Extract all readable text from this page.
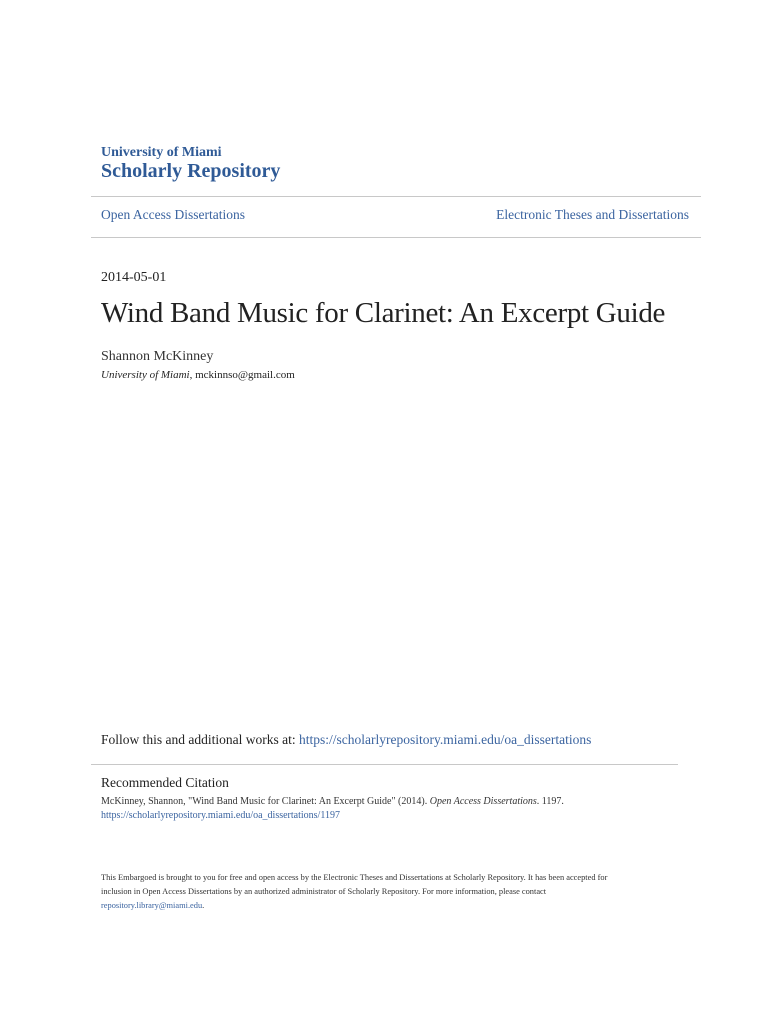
University of Miami
Scholarly Repository
Open Access Dissertations	Electronic Theses and Dissertations
2014-05-01
Wind Band Music for Clarinet: An Excerpt Guide
Shannon McKinney
University of Miami, mckinnso@gmail.com
Follow this and additional works at: https://scholarlyrepository.miami.edu/oa_dissertations
Recommended Citation
McKinney, Shannon, "Wind Band Music for Clarinet: An Excerpt Guide" (2014). Open Access Dissertations. 1197.
https://scholarlyrepository.miami.edu/oa_dissertations/1197
This Embargoed is brought to you for free and open access by the Electronic Theses and Dissertations at Scholarly Repository. It has been accepted for
inclusion in Open Access Dissertations by an authorized administrator of Scholarly Repository. For more information, please contact
repository.library@miami.edu.
